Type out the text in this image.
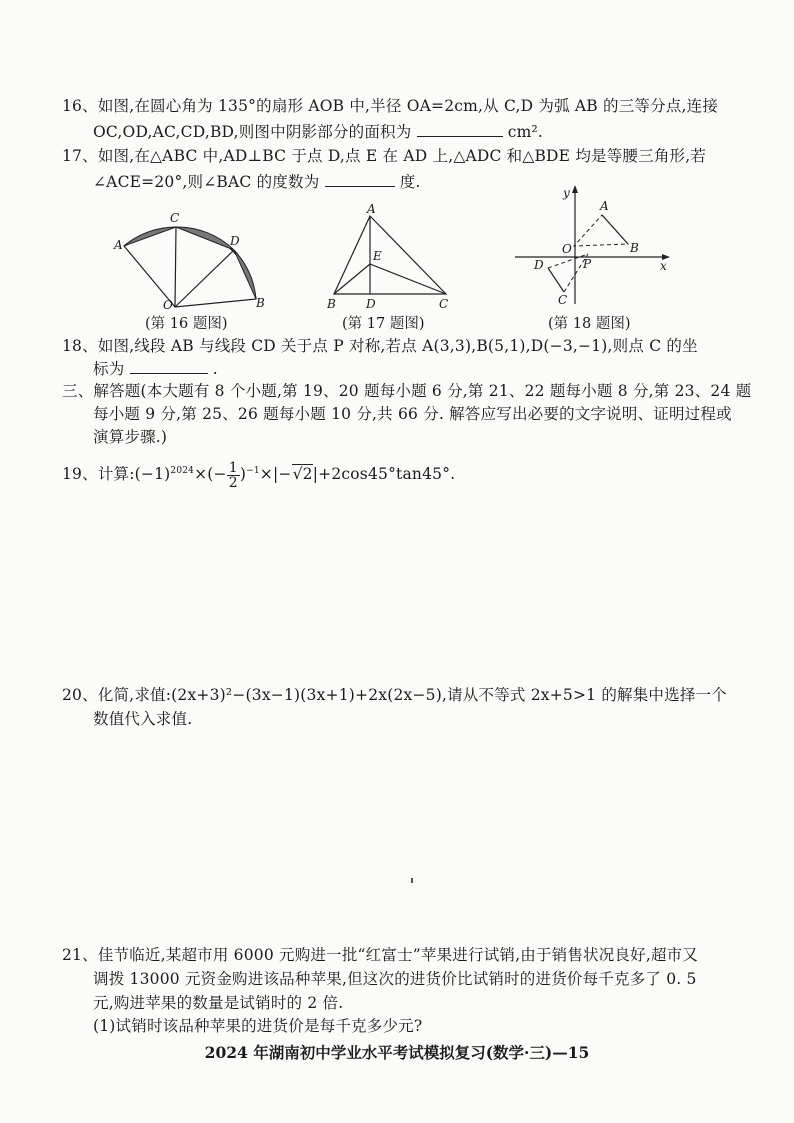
16、如图,在圆心角为 135°的扇形 AOB 中,半径 OA=2cm,从 C,D 为弧 AB 的三等分点,连接
OC,OD,AC,CD,BD,则图中阴影部分的面积为	cm².
17、如图,在△ABC 中,AD⊥BC 于点 D,点 E 在 AD 上,△ADC 和△BDE 均是等腰三角形,若
∠ACE=20°,则∠BAC 的度数为	度.
A
C
D
O	B
(第 16 题图)
A
E
B	D	C
(第 17 题图)
y
x
O
A
B
P
D
C
(第 18 题图)
18、如图,线段 AB 与线段 CD 关于点 P 对称,若点 A(3,3),B(5,1),D(−3,−1),则点 C 的坐
标为	.
三、解答题(本大题有 8 个小题,第 19、20 题每小题 6 分,第 21、22 题每小题 8 分,第 23、24 题
每小题 9 分,第 25、26 题每小题 10 分,共 66 分. 解答应写出必要的文字说明、证明过程或
演算步骤.)
19、计算$:(-1)^{2024}\times(- \frac{1}{2} )^{-1}\times|-√2|+2\cos 45^\circ\tan 45^\circ$.
20、化简,求值:(2x+3)²−(3x−1)(3x+1)+2x(2x−5),请从不等式 2x+5>1 的解集中选择一个
数值代入求值.
21、佳节临近,某超市用 6000 元购进一批“红富士”苹果进行试销,由于销售状况良好,超市又
调拨 13000 元资金购进该品种苹果,但这次的进货价比试销时的进货价每千克多了 0. 5
元,购进苹果的数量是试销时的 2 倍.
(1)试销时该品种苹果的进货价是每千克多少元?
2024 年湖南初中学业水平考试模拟复习(数学·三)—15
